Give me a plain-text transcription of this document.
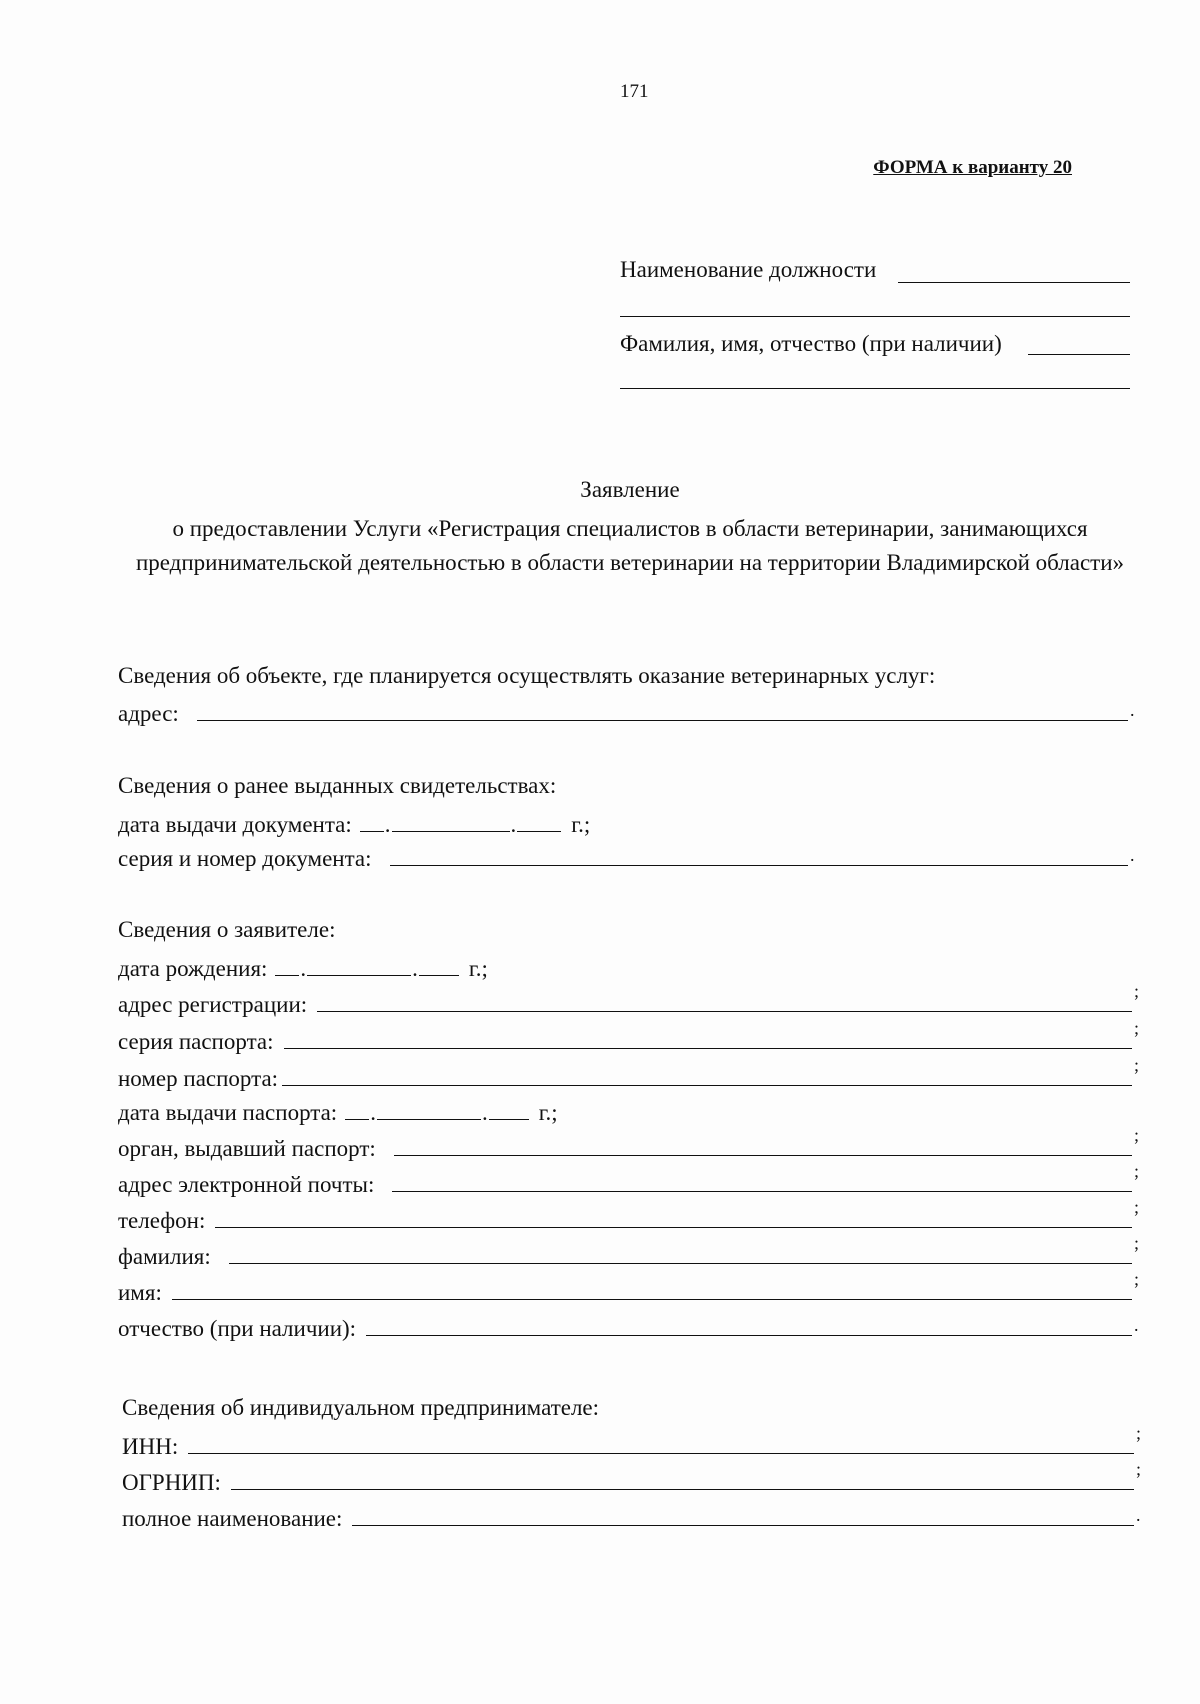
171
ФОРМА к варианту 20
Наименование должности
Фамилия, имя, отчество (при наличии)
Заявление
о предоставлении Услуги «Регистрация специалистов в области ветеринарии, занимающихся предпринимательской деятельностью в области ветеринарии на территории Владимирской области»
Сведения об объекте, где планируется осуществлять оказание ветеринарных услуг:
адрес:	.
Сведения о ранее выданных свидетельствах:
дата выдачи документа: .	. г.;
серия и номер документа:	.
Сведения о заявителе:
дата рождения: .	. г.;
адрес регистрации:
;
серия паспорта:
;
номер паспорта:
;
дата выдачи паспорта: .	. г.;
орган, выдавший паспорт:
;
адрес электронной почты:
;
телефон:
;
фамилия:
;
имя:
;
отчество (при наличии):	.
Сведения об индивидуальном предпринимателе:
ИНН:
;
ОГРНИП:
;
полное наименование:	.
